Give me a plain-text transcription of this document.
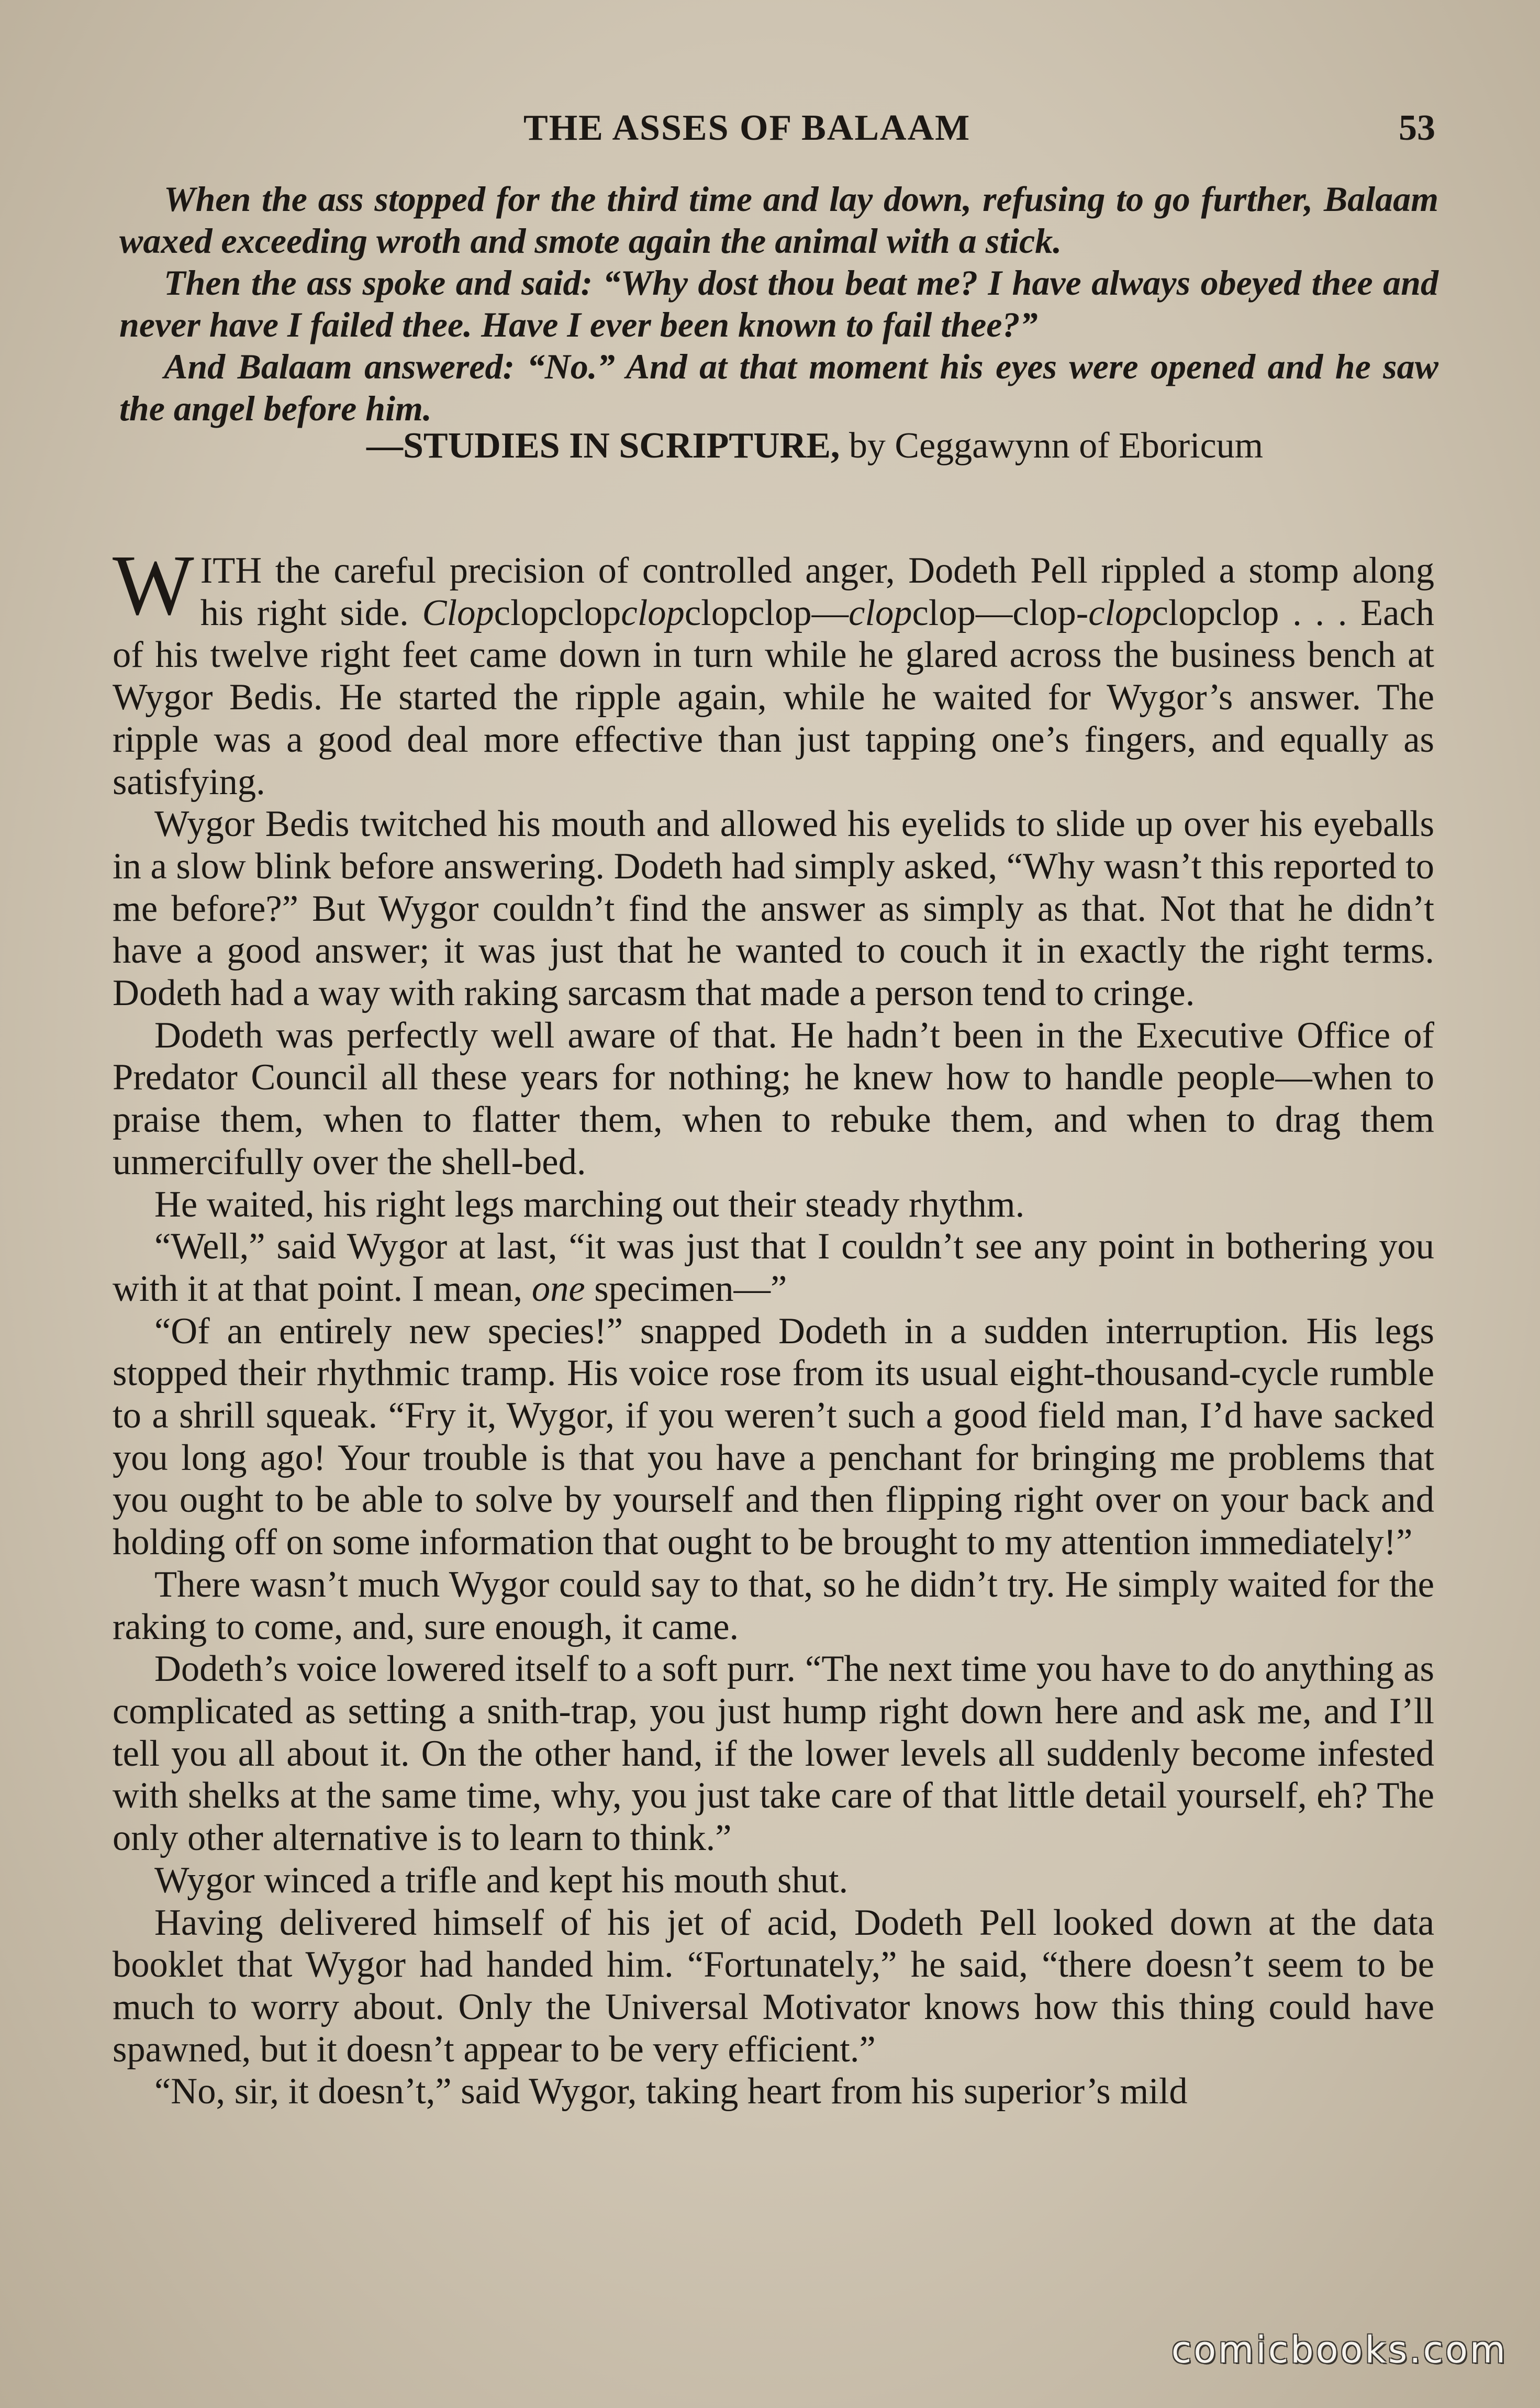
THE ASSES OF BALAAM	53

When the ass stopped for the third time and lay down, refusing to go further, Balaam waxed exceeding wroth and smote again the animal with a stick.

Then the ass spoke and said: “Why dost thou beat me? I have always obeyed thee and never have I failed thee. Have I ever been known to fail thee?”

And Balaam answered: “No.” And at that moment his eyes were opened and he saw the angel before him.

—STUDIES IN SCRIPTURE, by Ceggawynn of Eboricum

WITH the careful precision of controlled anger, Dodeth Pell rippled a stomp along his right side. Clopclopclopclopclopclop—clopclop—clop-clopclopclop . . . Each of his twelve right feet came down in turn while he glared across the business bench at Wygor Bedis. He started the ripple again, while he waited for Wygor’s answer. The ripple was a good deal more effective than just tapping one’s fingers, and equally as satisfying.

Wygor Bedis twitched his mouth and allowed his eyelids to slide up over his eyeballs in a slow blink before answering. Dodeth had simply asked, “Why wasn’t this reported to me before?” But Wygor couldn’t find the answer as simply as that. Not that he didn’t have a good answer; it was just that he wanted to couch it in exactly the right terms. Dodeth had a way with raking sarcasm that made a person tend to cringe.

Dodeth was perfectly well aware of that. He hadn’t been in the Executive Office of Predator Council all these years for nothing; he knew how to handle people—when to praise them, when to flatter them, when to rebuke them, and when to drag them unmercifully over the shell-bed.

He waited, his right legs marching out their steady rhythm.

“Well,” said Wygor at last, “it was just that I couldn’t see any point in bothering you with it at that point. I mean, one specimen—”

“Of an entirely new species!” snapped Dodeth in a sudden interruption. His legs stopped their rhythmic tramp. His voice rose from its usual eight-thousand-cycle rumble to a shrill squeak. “Fry it, Wygor, if you weren’t such a good field man, I’d have sacked you long ago! Your trouble is that you have a penchant for bringing me problems that you ought to be able to solve by yourself and then flipping right over on your back and holding off on some information that ought to be brought to my attention immediately!”

There wasn’t much Wygor could say to that, so he didn’t try. He simply waited for the raking to come, and, sure enough, it came.

Dodeth’s voice lowered itself to a soft purr. “The next time you have to do anything as complicated as setting a snith-trap, you just hump right down here and ask me, and I’ll tell you all about it. On the other hand, if the lower levels all suddenly become infested with shelks at the same time, why, you just take care of that little detail yourself, eh? The only other alternative is to learn to think.”

Wygor winced a trifle and kept his mouth shut.

Having delivered himself of his jet of acid, Dodeth Pell looked down at the data booklet that Wygor had handed him. “Fortunately,” he said, “there doesn’t seem to be much to worry about. Only the Universal Motivator knows how this thing could have spawned, but it doesn’t appear to be very efficient.”

“No, sir, it doesn’t,” said Wygor, taking heart from his superior’s mild

comicbooks.com
